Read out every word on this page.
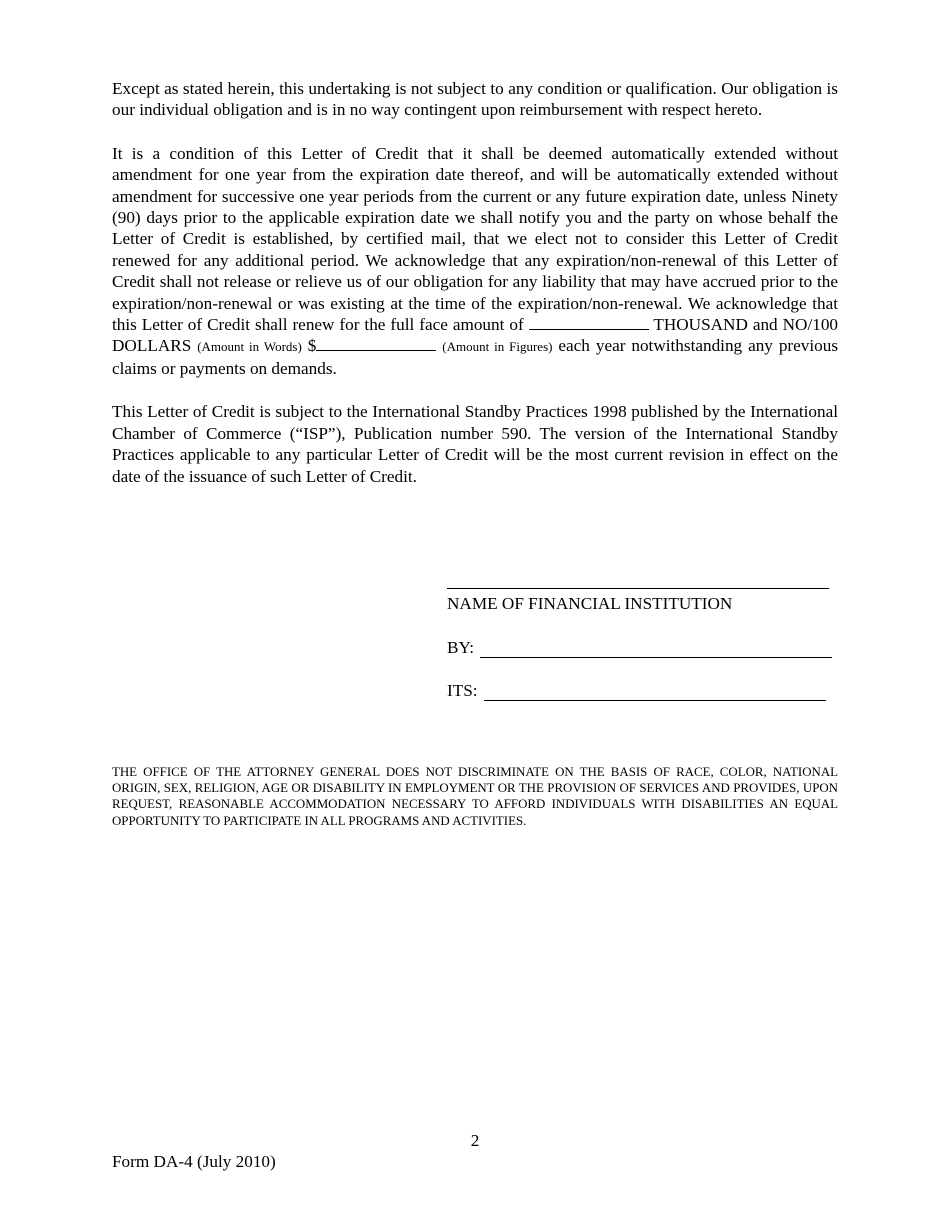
Except as stated herein, this undertaking is not subject to any condition or qualification. Our obligation is our individual obligation and is in no way contingent upon reimbursement with respect hereto.

It is a condition of this Letter of Credit that it shall be deemed automatically extended without amendment for one year from the expiration date thereof, and will be automatically extended without amendment for successive one year periods from the current or any future expiration date, unless Ninety (90) days prior to the applicable expiration date we shall notify you and the party on whose behalf the Letter of Credit is established, by certified mail, that we elect not to consider this Letter of Credit renewed for any additional period. We acknowledge that any expiration/non-renewal of this Letter of Credit shall not release or relieve us of our obligation for any liability that may have accrued prior to the expiration/non-renewal or was existing at the time of the expiration/non-renewal. We acknowledge that this Letter of Credit shall renew for the full face amount of	THOUSAND and NO/100 DOLLARS (Amount in Words) $	(Amount in Figures) each year notwithstanding any previous claims or payments on demands.

This Letter of Credit is subject to the International Standby Practices 1998 published by the International Chamber of Commerce (“ISP”), Publication number 590. The version of the International Standby Practices applicable to any particular Letter of Credit will be the most current revision in effect on the date of the issuance of such Letter of Credit.

NAME OF FINANCIAL INSTITUTION
BY:
ITS:
THE OFFICE OF THE ATTORNEY GENERAL DOES NOT DISCRIMINATE ON THE BASIS OF RACE, COLOR, NATIONAL ORIGIN, SEX, RELIGION, AGE OR DISABILITY IN EMPLOYMENT OR THE PROVISION OF SERVICES AND PROVIDES, UPON REQUEST, REASONABLE ACCOMMODATION NECESSARY TO AFFORD INDIVIDUALS WITH DISABILITIES AN EQUAL OPPORTUNITY TO PARTICIPATE IN ALL PROGRAMS AND ACTIVITIES.
2
Form DA-4 (July 2010)
